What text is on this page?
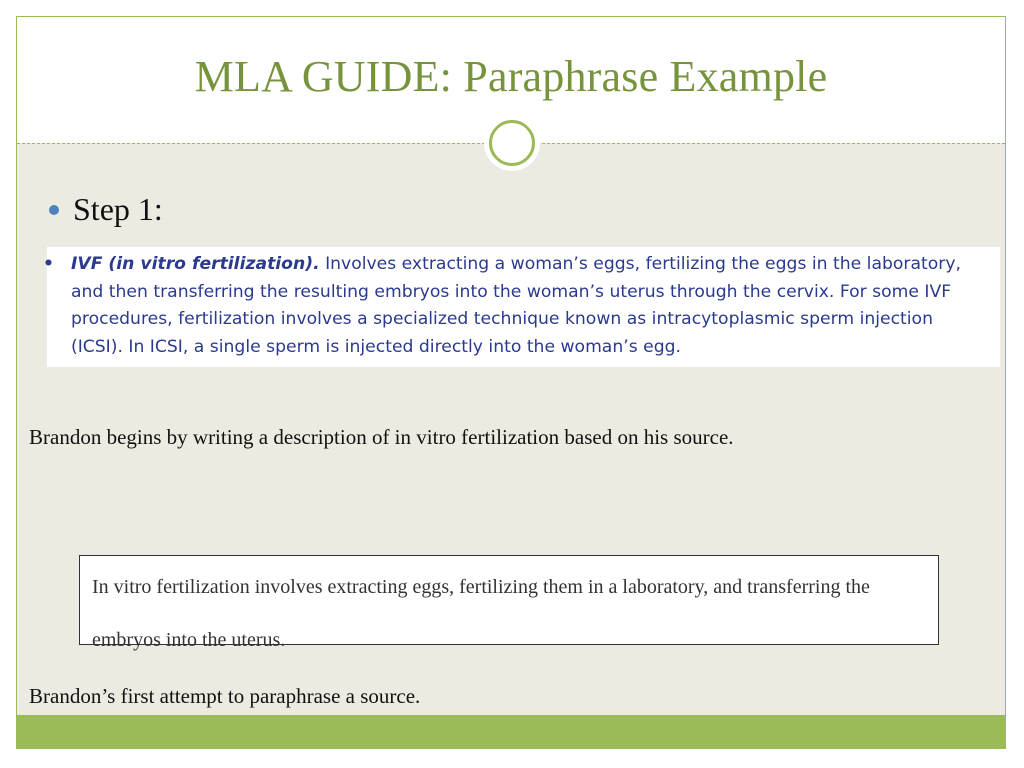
MLA GUIDE: Paraphrase Example
Step 1:
• IVF (in vitro fertilization). Involves extracting a woman’s eggs, fertilizing the eggs in the laboratory, and then transferring the resulting embryos into the woman’s uterus through the cervix. For some IVF procedures, fertilization involves a specialized technique known as intracytoplasmic sperm injection (ICSI). In ICSI, a single sperm is injected directly into the woman’s egg.
Brandon begins by writing a description of in vitro fertilization based on his source.
In vitro fertilization involves extracting eggs, fertilizing them in a laboratory, and transferring the embryos into the uterus.
Brandon’s first attempt to paraphrase a source.
